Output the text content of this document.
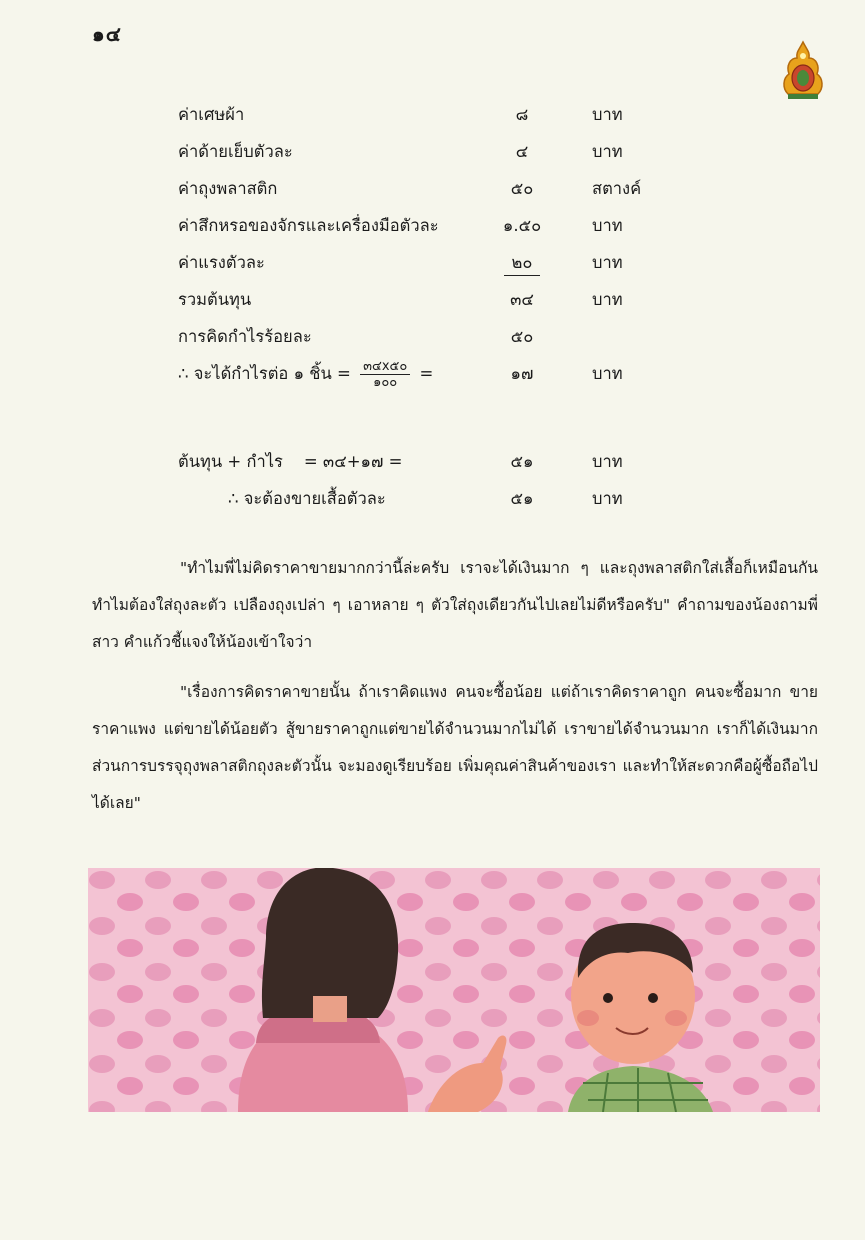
๑๔
ค่าเศษผ้า	๘	บาท
ค่าด้ายเย็บตัวละ	๔	บาท
ค่าถุงพลาสติก	๕๐	สตางค์
ค่าสึกหรอของจักรและเครื่องมือตัวละ	๑.๕๐	บาท
ค่าแรงตัวละ	๒๐	บาท
รวมต้นทุน	๓๔	บาท
การคิดกำไรร้อยละ	๕๐
∴ จะได้กำไรต่อ ๑ ชิ้น = $\frac{๓๔x๕๐}{๑๐๐}$ =	๑๗	บาท
ต้นทุน + กำไร    = ๓๔+๑๗ =	๕๑	บาท
∴ จะต้องขายเสื้อตัวละ	๕๑	บาท
"ทำไมพี่ไม่คิดราคาขายมากกว่านี้ล่ะครับ เราจะได้เงินมาก ๆ และถุงพลาสติกใส่เสื้อก็เหมือนกัน ทำไมต้องใส่ถุงละตัว เปลืองถุงเปล่า ๆ เอาหลาย ๆ ตัวใส่ถุงเดียวกันไปเลยไม่ดีหรือครับ" คำถามของน้องถามพี่สาว คำแก้วชี้แจงให้น้องเข้าใจว่า
"เรื่องการคิดราคาขายนั้น ถ้าเราคิดแพง คนจะซื้อน้อย แต่ถ้าเราคิดราคาถูก คนจะซื้อมาก ขายราคาแพง แต่ขายได้น้อยตัว สู้ขายราคาถูกแต่ขายได้จำนวนมากไม่ได้ เราขายได้จำนวนมาก เราก็ได้เงินมาก ส่วนการบรรจุถุงพลาสติกถุงละตัวนั้น จะมองดูเรียบร้อย เพิ่มคุณค่าสินค้าของเรา และทำให้สะดวกคือผู้ซื้อถือไปได้เลย"
